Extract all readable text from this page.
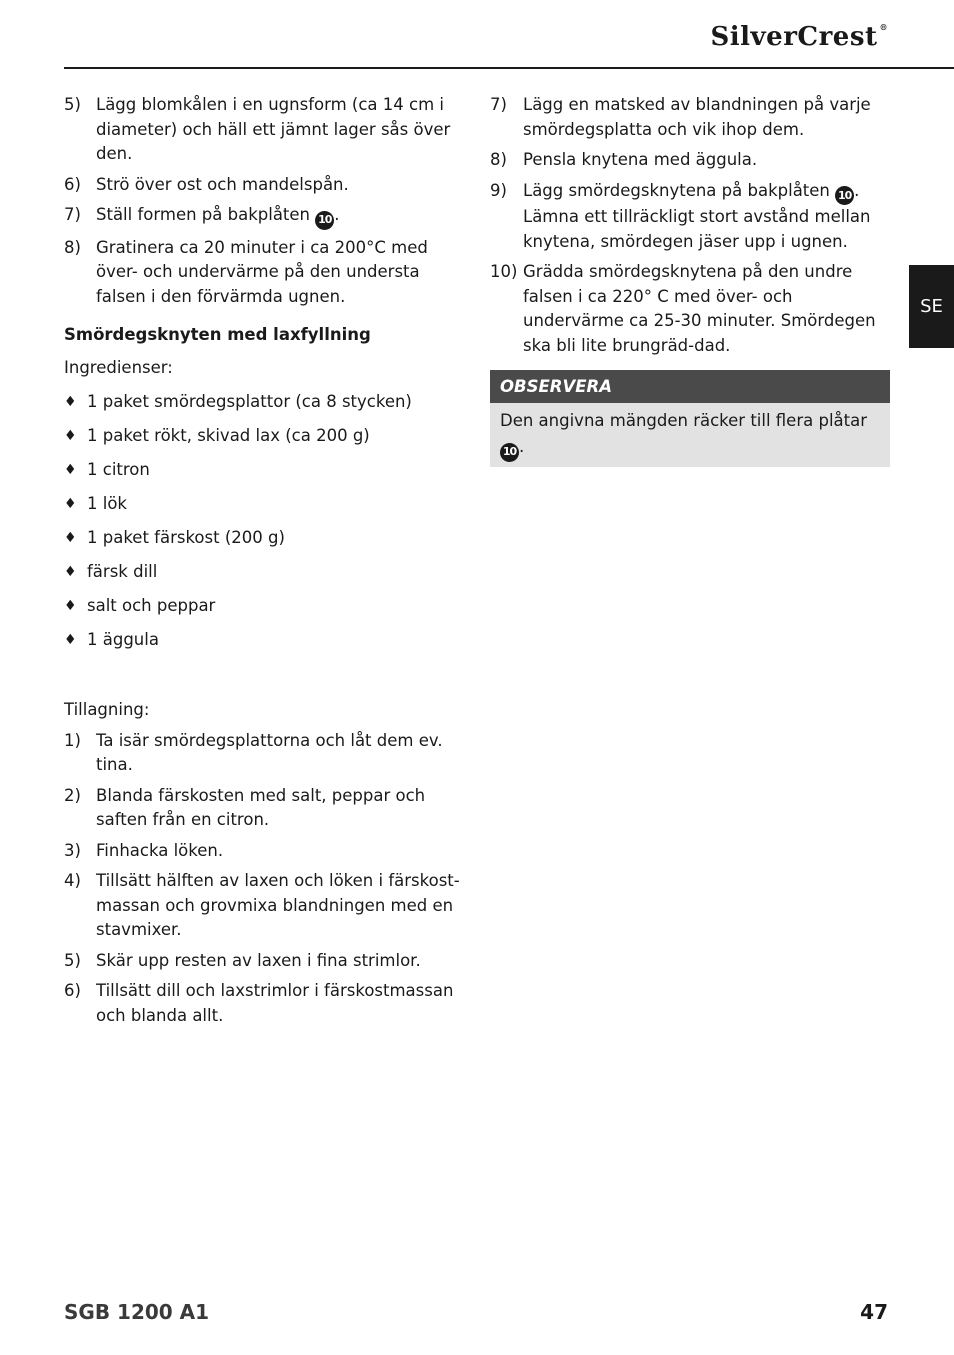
SilverCrest ®
SE
5) Lägg blomkålen i en ugnsform (ca 14 cm i diameter) och häll ett jämnt lager sås över den.
6) Strö över ost och mandelspån.
7) Ställ formen på bakplåten 10 .
8) Gratinera ca 20 minuter i ca 200°C med över- och undervärme på den understa falsen i den förvärmda ugnen.
Smördegsknyten med laxfyllning
Ingredienser:
♦ 1 paket smördegsplattor (ca 8 stycken)
♦ 1 paket rökt, skivad lax (ca 200 g)
♦ 1 citron
♦ 1 lök
♦ 1 paket färskost (200 g)
♦ färsk dill
♦ salt och peppar
♦ 1 äggula
Tillagning:
1) Ta isär smördegsplattorna och låt dem ev. tina.
2) Blanda färskosten med salt, peppar och saften från en citron.
3) Finhacka löken.
4) Tillsätt hälften av laxen och löken i färskost-massan och grovmixa blandningen med en stavmixer.
5) Skär upp resten av laxen i fina strimlor.
6) Tillsätt dill och laxstrimlor i färskostmassan och blanda allt.
7) Lägg en matsked av blandningen på varje smördegsplatta och vik ihop dem.
8) Pensla knytena med äggula.
9) Lägg smördegsknytena på bakplåten 10 . Lämna ett tillräckligt stort avstånd mellan knytena, smördegen jäser upp i ugnen.
10) Grädda smördegsknytena på den undre falsen i ca 220° C med över- och undervärme ca 25-30 minuter. Smördegen ska bli lite brungräd-dad.
OBSERVERA
Den angivna mängden räcker till flera plåtar 10 .
SGB 1200 A1	47
